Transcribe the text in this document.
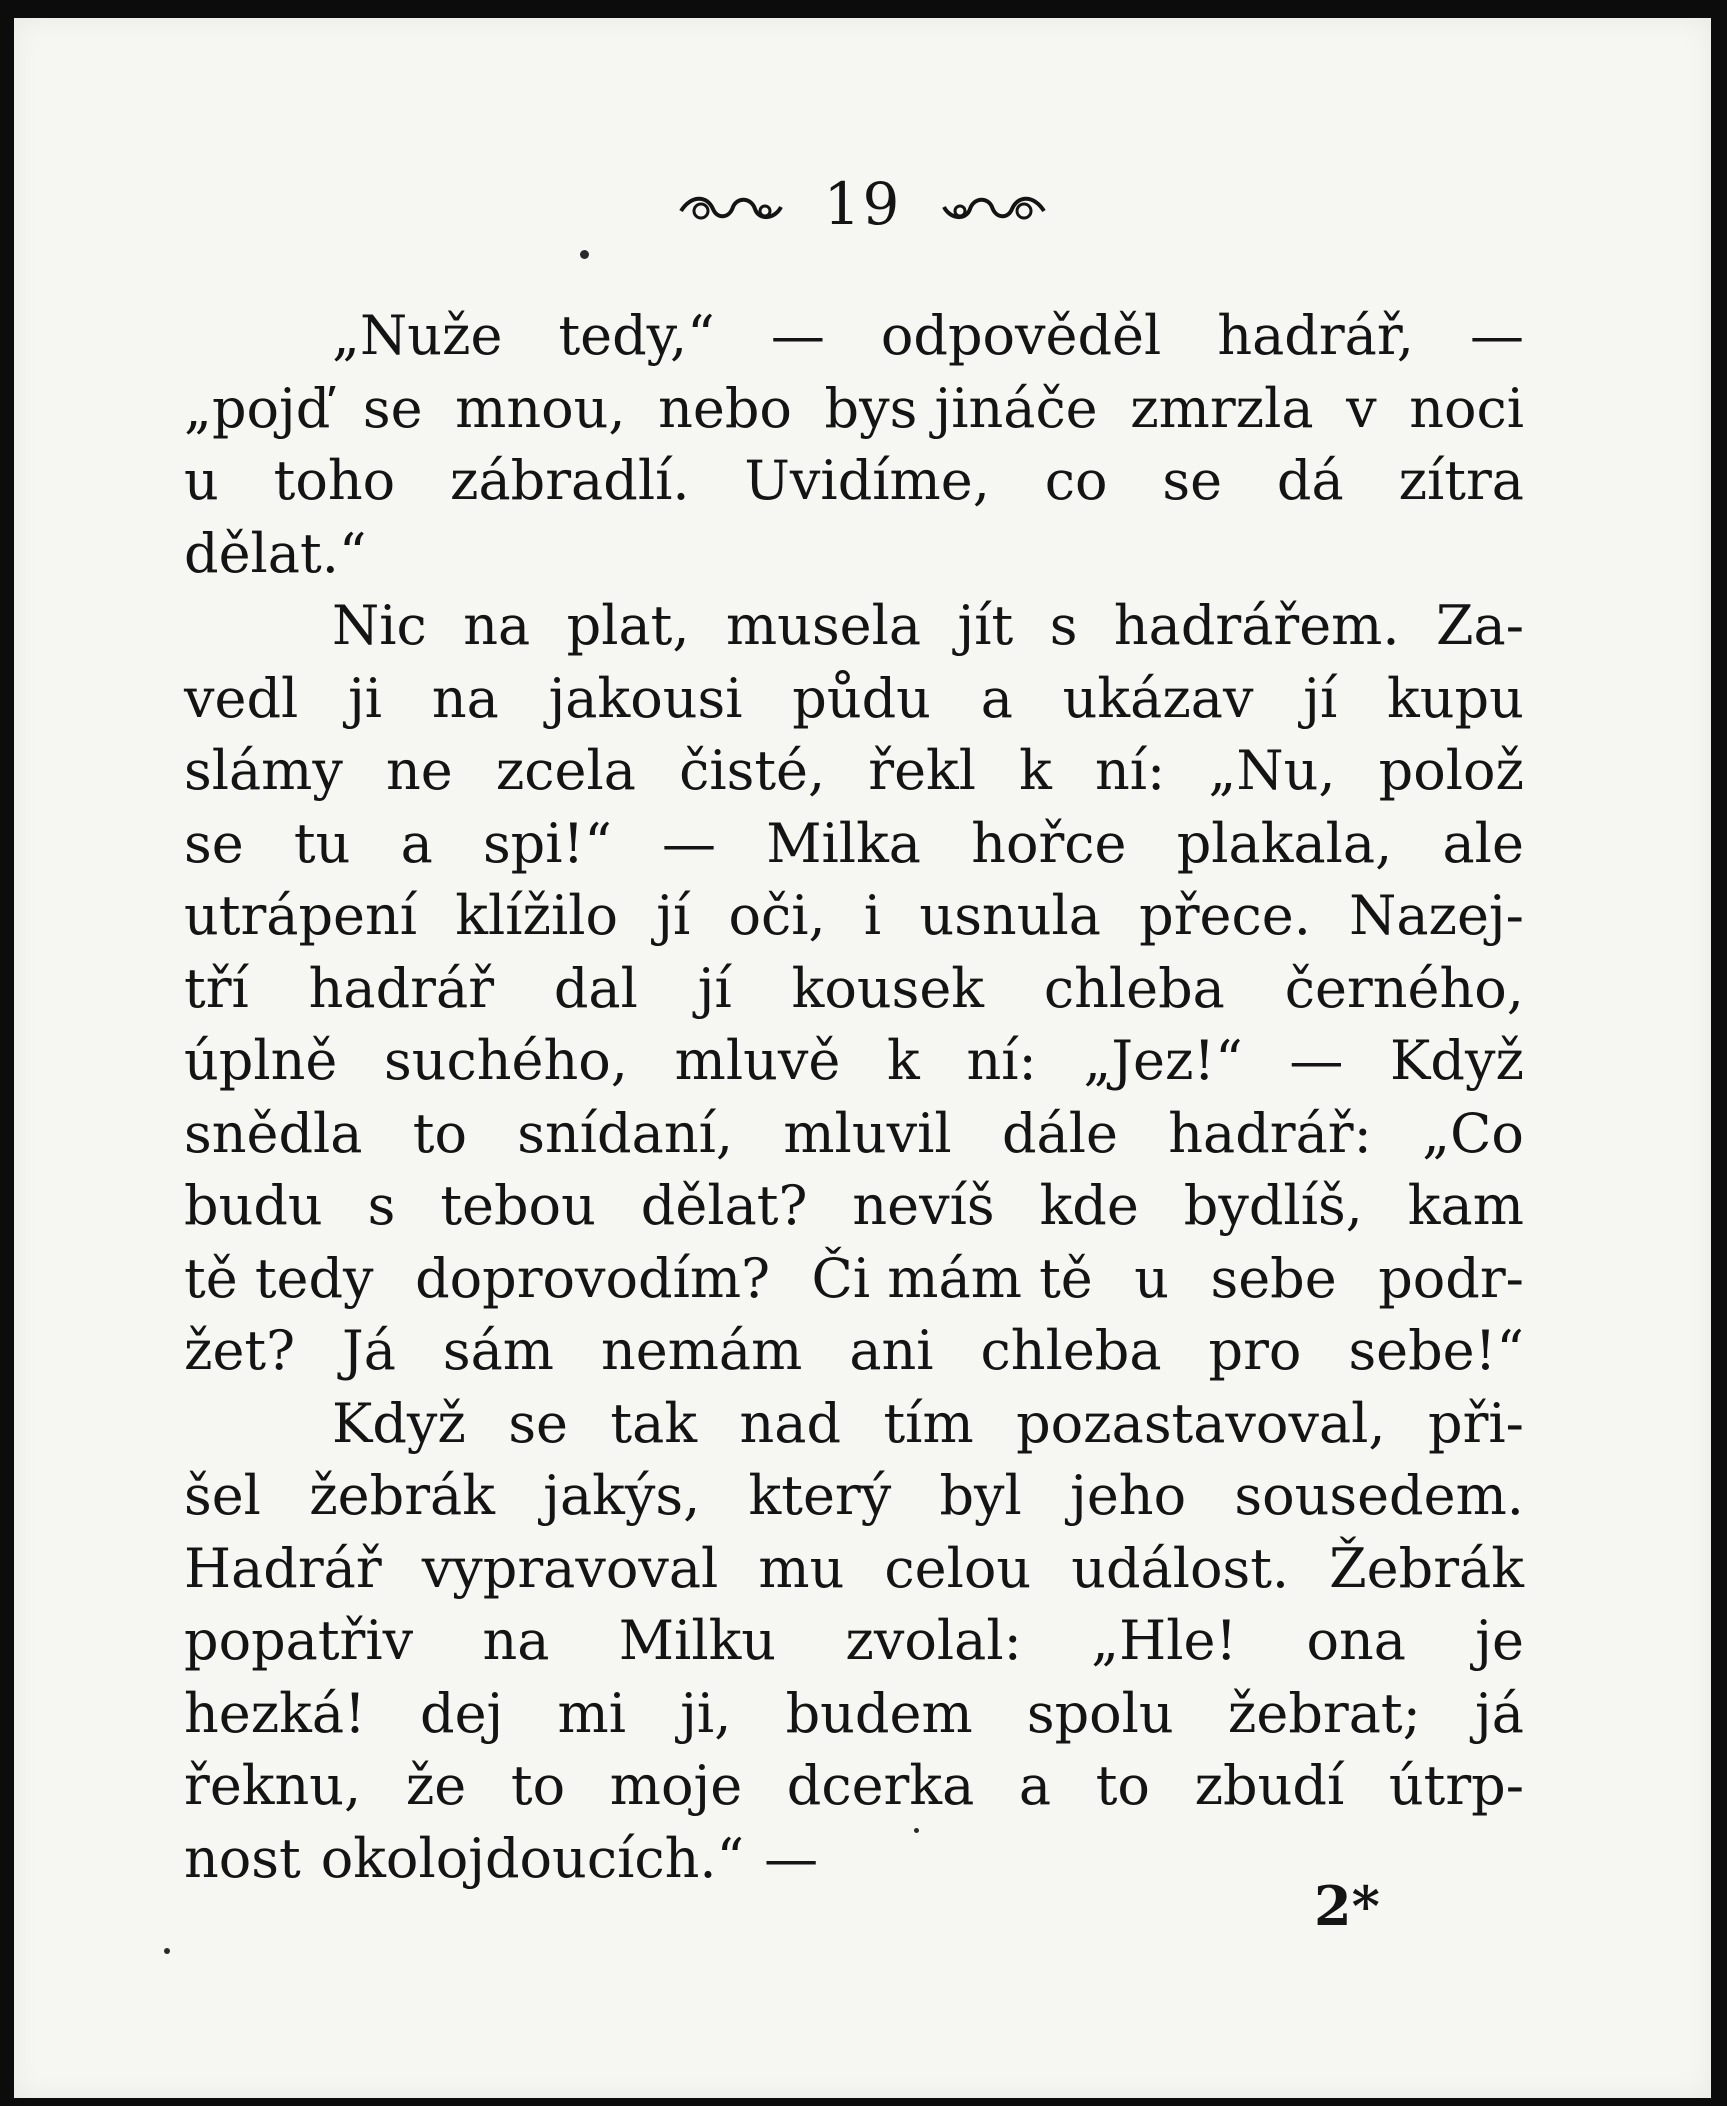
19
„Nuže tedy,“ — odpověděl hadrář, —
„pojď se mnou, nebo bys jináče zmrzla v noci
u toho zábradlí. Uvidíme, co se dá zítra
dělat.“
Nic na plat, musela jít s hadrářem. Za-
vedl ji na jakousi půdu a ukázav jí kupu
slámy ne zcela čisté, řekl k ní: „Nu, polož
se tu a spi!“ — Milka hořce plakala, ale
utrápení klížilo jí oči, i usnula přece. Nazej-
tří hadrář dal jí kousek chleba černého,
úplně suchého, mluvě k ní: „Jez!“ — Když
snědla to snídaní, mluvil dále hadrář: „Co
budu s tebou dělat? nevíš kde bydlíš, kam
tě tedy doprovodím? Či mám tě u sebe podr-
žet? Já sám nemám ani chleba pro sebe!“
Když se tak nad tím pozastavoval, při-
šel žebrák jakýs, který byl jeho sousedem.
Hadrář vypravoval mu celou událost. Žebrák
popatřiv na Milku zvolal: „Hle! ona je
hezká! dej mi ji, budem spolu žebrat; já
řeknu, že to moje dcerka a to zbudí útrp-
nost okolojdoucích.“ —
2*
